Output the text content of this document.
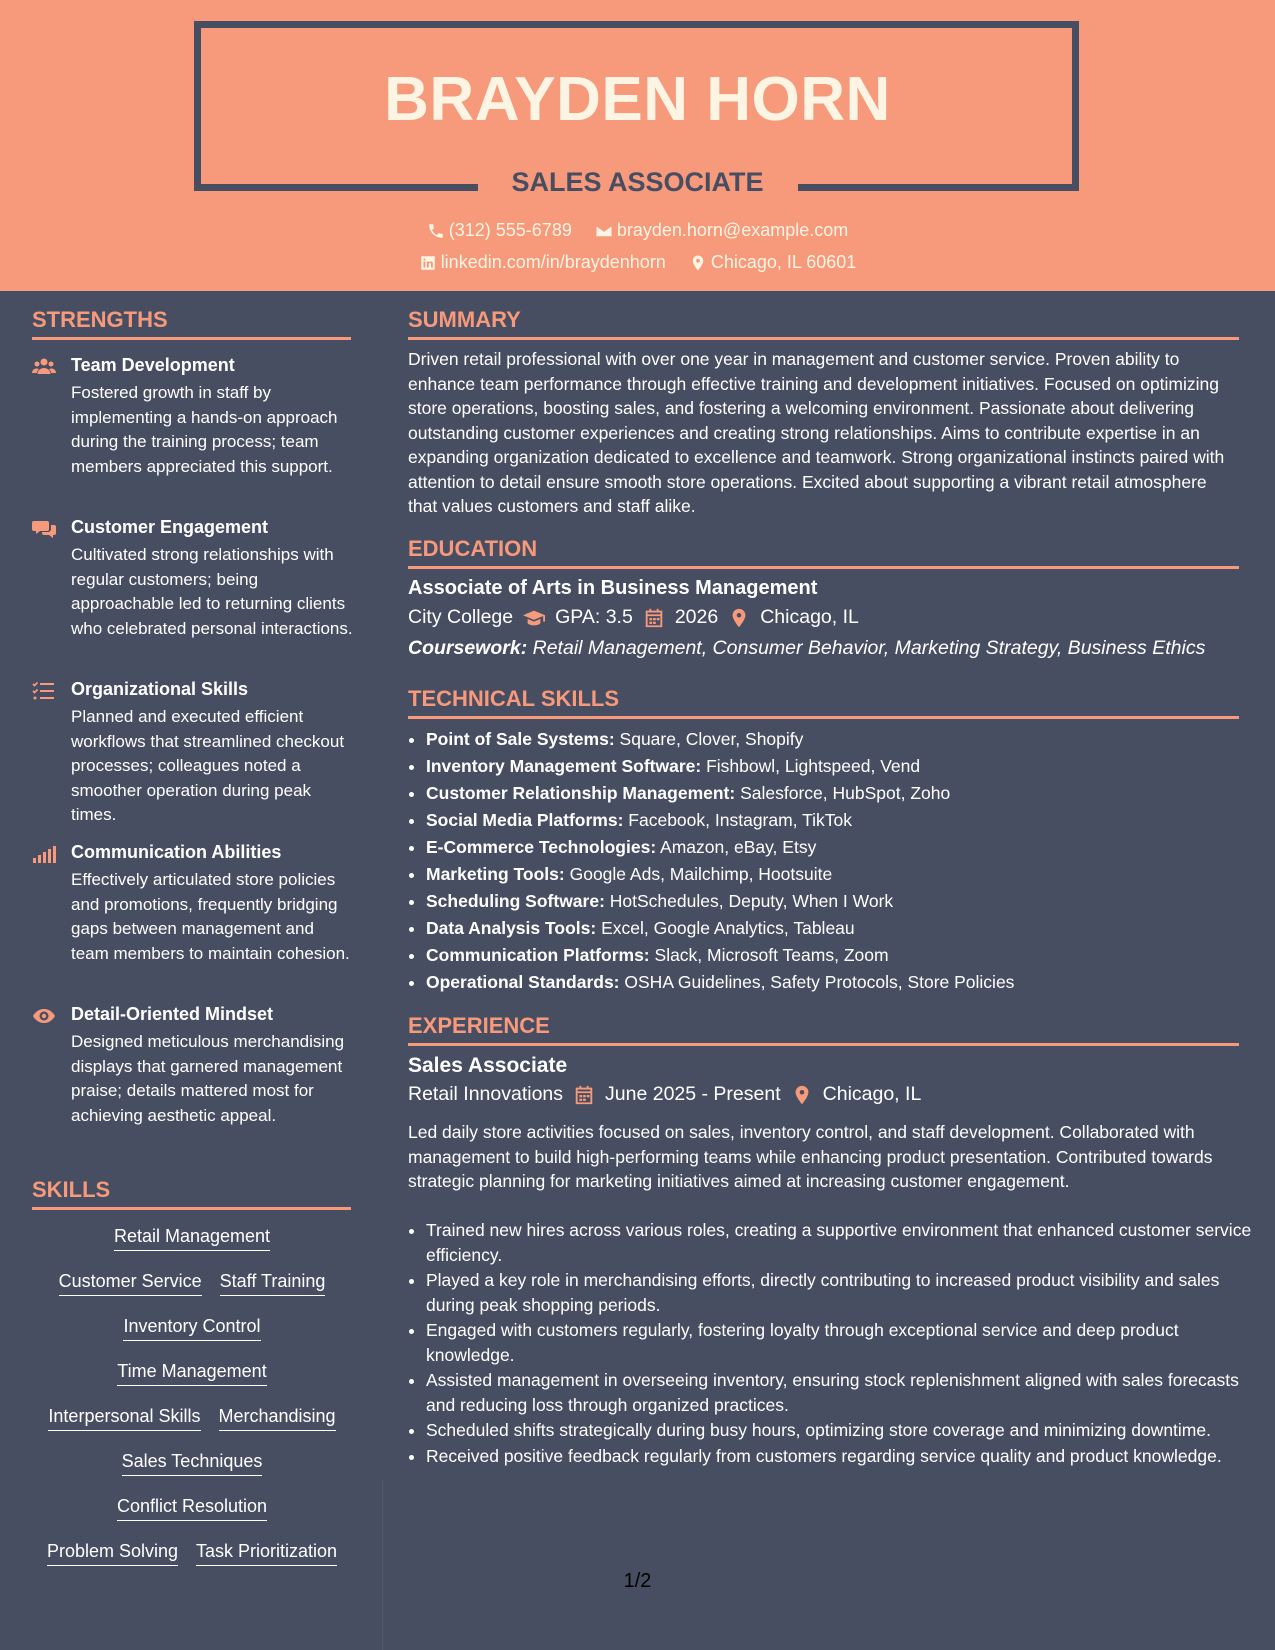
BRAYDEN HORN
SALES ASSOCIATE
(312) 555-6789
	brayden.horn@example.com
linkedin.com/in/braydenhorn
	Chicago, IL 60601
STRENGTHS
Team Development
Fostered growth in staff by implementing a hands-on approach during the training process; team members appreciated this support.
Customer Engagement
Cultivated strong relationships with regular customers; being approachable led to returning clients who celebrated personal interactions.
Organizational Skills
Planned and executed efficient workflows that streamlined checkout processes; colleagues noted a smoother operation during peak times.
Communication Abilities
Effectively articulated store policies and promotions, frequently bridging gaps between management and team members to maintain cohesion.
Detail-Oriented Mindset
Designed meticulous merchandising displays that garnered management praise; details mattered most for achieving aesthetic appeal.
SKILLS
Retail Management
Customer Service Staff Training
Inventory Control
Time Management
Interpersonal Skills Merchandising
Sales Techniques
Conflict Resolution
Problem Solving Task Prioritization
SUMMARY
Driven retail professional with over one year in management and customer service. Proven ability to enhance team performance through effective training and development initiatives. Focused on optimizing store operations, boosting sales, and fostering a welcoming environment. Passionate about delivering outstanding customer experiences and creating strong relationships. Aims to contribute expertise in an expanding organization dedicated to excellence and teamwork. Strong organizational instincts paired with attention to detail ensure smooth store operations. Excited about supporting a vibrant retail atmosphere that values customers and staff alike.
EDUCATION
Associate of Arts in Business Management
City College GPA: 3.5 2026 Chicago, IL
Coursework: Retail Management, Consumer Behavior, Marketing Strategy, Business Ethics
TECHNICAL SKILLS
• Point of Sale Systems: Square, Clover, Shopify
• Inventory Management Software: Fishbowl, Lightspeed, Vend
• Customer Relationship Management: Salesforce, HubSpot, Zoho
• Social Media Platforms: Facebook, Instagram, TikTok
• E-Commerce Technologies: Amazon, eBay, Etsy
• Marketing Tools: Google Ads, Mailchimp, Hootsuite
• Scheduling Software: HotSchedules, Deputy, When I Work
• Data Analysis Tools: Excel, Google Analytics, Tableau
• Communication Platforms: Slack, Microsoft Teams, Zoom
• Operational Standards: OSHA Guidelines, Safety Protocols, Store Policies
EXPERIENCE
Sales Associate
Retail Innovations June 2025 - Present Chicago, IL
Led daily store activities focused on sales, inventory control, and staff development. Collaborated with management to build high-performing teams while enhancing product presentation. Contributed towards strategic planning for marketing initiatives aimed at increasing customer engagement.
• Trained new hires across various roles, creating a supportive environment that enhanced customer service efficiency.
• Played a key role in merchandising efforts, directly contributing to increased product visibility and sales during peak shopping periods.
• Engaged with customers regularly, fostering loyalty through exceptional service and deep product knowledge.
• Assisted management in overseeing inventory, ensuring stock replenishment aligned with sales forecasts and reducing loss through organized practices.
• Scheduled shifts strategically during busy hours, optimizing store coverage and minimizing downtime.
• Received positive feedback regularly from customers regarding service quality and product knowledge.
1/2
